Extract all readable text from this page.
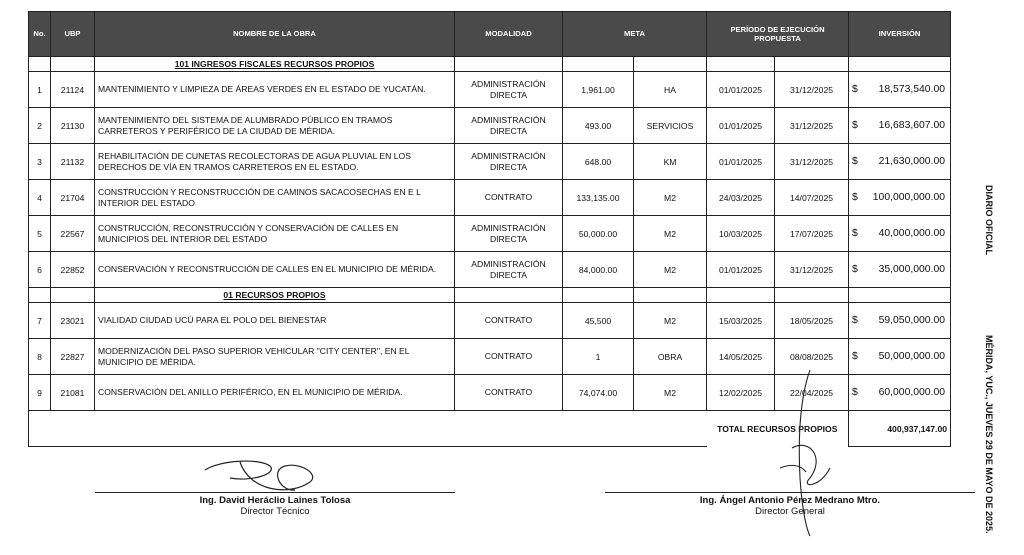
No.	UBP	NOMBRE DE LA OBRA	MODALIDAD	META		PERÍODO DE EJECUCIÓN PROPUESTA		INVERSIÓN
		101 INGRESOS FISCALES RECURSOS PROPIOS						
1	21124	MANTENIMIENTO Y LIMPIEZA DE ÁREAS VERDES EN EL ESTADO DE YUCATÁN.	ADMINISTRACIÓN DIRECTA	1,961.00	HA	01/01/2025	31/12/2025	$ 18,573,540.00

2	21130	MANTENIMIENTO DEL SISTEMA DE ALUMBRADO PÚBLICO EN TRAMOS CARRETEROS Y PERIFÉRICO DE LA CIUDAD DE MÉRIDA.	ADMINISTRACIÓN DIRECTA	493.00	SERVICIOS	01/01/2025	31/12/2025	$ 16,683,607.00

3	21132	REHABILITACIÓN DE CUNETAS RECOLECTORAS DE AGUA PLUVIAL EN LOS DERECHOS DE VÍA EN TRAMOS CARRETEROS EN EL ESTADO.	ADMINISTRACIÓN DIRECTA	648.00	KM	01/01/2025	31/12/2025	$ 21,630,000.00

4	21704	CONSTRUCCIÓN Y RECONSTRUCCIÓN DE CAMINOS SACACOSECHAS EN E L INTERIOR DEL ESTADO	CONTRATO	133,135.00	M2	24/03/2025	14/07/2025	$ 100,000,000.00

5	22567	CONSTRUCCIÓN, RECONSTRUCCIÓN Y CONSERVACIÓN DE CALLES EN MUNICIPIOS DEL INTERIOR DEL ESTADO	ADMINISTRACIÓN DIRECTA	50,000.00	M2	10/03/2025	17/07/2025	$ 40,000,000.00

6	22852	CONSERVACIÓN Y RECONSTRUCCIÓN DE CALLES EN EL MUNICIPIO DE MÉRIDA.	ADMINISTRACIÓN DIRECTA	84,000.00	M2	01/01/2025	31/12/2025	$ 35,000,000.00

		01 RECURSOS PROPIOS						
7	23021	VIALIDAD CIUDAD UCÚ PARA EL POLO DEL BIENESTAR	CONTRATO	45,500	M2	15/03/2025	18/05/2025	$ 59,050,000.00

8	22827	MODERNIZACIÓN DEL PASO SUPERIOR VEHICULAR "CITY CENTER", EN EL MUNICIPIO DE MÉRIDA.	CONTRATO	1	OBRA	14/05/2025	08/08/2025	$ 50,000,000.00

9	21081	CONSERVACIÓN DEL ANILLO PERIFÉRICO, EN EL MUNICIPIO DE MÉRIDA.	CONTRATO	74,074.00	M2	12/02/2025	22/04/2025	$ 60,000,000.00

						TOTAL RECURSOS PROPIOS		400,937,147.00
Ing. David Heráclio Laines Tolosa
Director Técnico
Ing. Ángel Antonio Pérez Medrano Mtro.
Director General
DIARIO OFICIAL
MÉRIDA, YUC., JUEVES 29 DE MAYO DE 2025.
